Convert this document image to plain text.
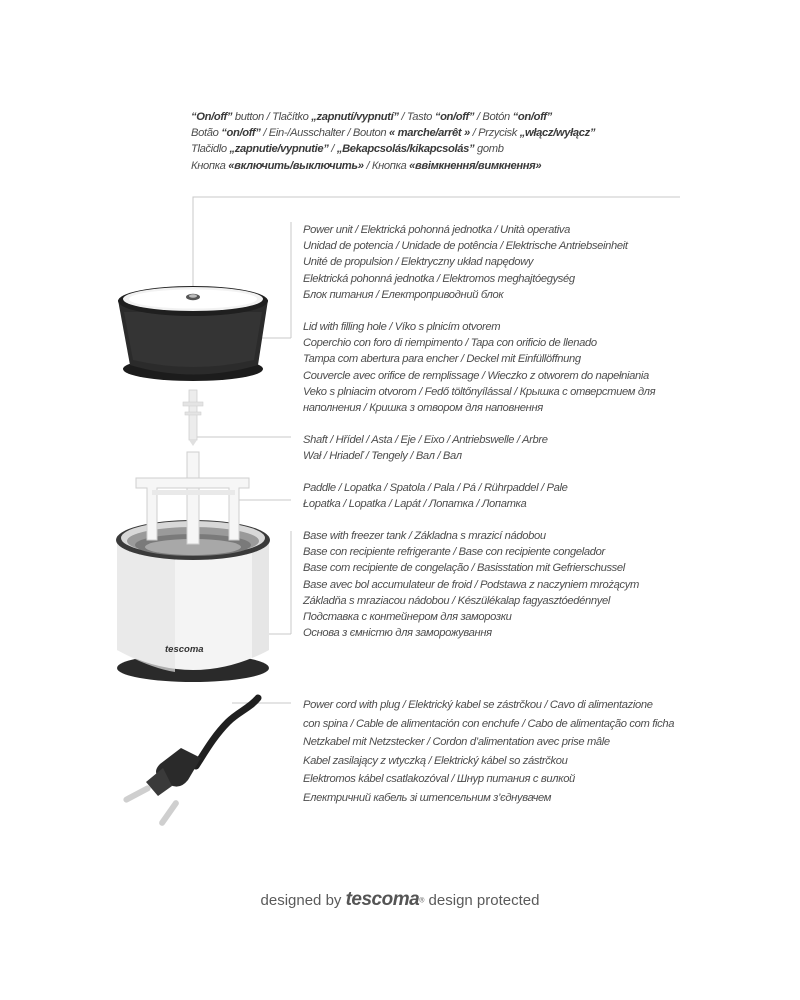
“On/off” button / Tlačítko „zapnutí/vypnutí” / Tasto “on/off” / Botón “on/off”
Botão “on/off” / Ein-/Ausschalter / Bouton « marche/arrêt » / Przycisk „włącz/wyłącz”
Tlačidlo „zapnutie/vypnutie” / „Bekapcsolás/kikapcsolás” gomb
Кнопка «включить/выключить» / Кнопка «ввімкнення/вимкнення»
tescoma
Power unit / Elektrická pohonná jednotka / Unità operativa
Unidad de potencia / Unidade de potência / Elektrische Antriebseinheit
Unité de propulsion / Elektryczny układ napędowy
Elektrická pohonná jednotka / Elektromos meghajtóegység
Блок питания / Електроприводний блок
Lid with filling hole / Víko s plnicím otvorem
Coperchio con foro di riempimento / Tapa con orificio de llenado
Tampa com abertura para encher / Deckel mit Einfüllöffnung
Couvercle avec orifice de remplissage / Wieczko z otworem do napełniania
Veko s plniacim otvorom / Fedő töltőnyílással / Крышка с отверстием для
наполнения / Кришка з отвором для наповнення
Shaft / Hřídel / Asta / Eje / Eixo / Antriebswelle / Arbre
Wał / Hriadeľ / Tengely / Вал / Вал
Paddle / Lopatka / Spatola / Pala / Pá / Rührpaddel / Pale
Łopatka / Lopatka / Lapát / Лопатка / Лопатка
Base with freezer tank / Základna s mrazicí nádobou
Base con recipiente refrigerante / Base con recipiente congelador
Base com recipiente de congelação / Basisstation mit Gefrierschussel
Base avec bol accumulateur de froid / Podstawa z naczyniem mrożącym
Základňa s mraziacou nádobou / Készülékalap fagyasztóedénnyel
Подставка с контейнером для заморозки
Основа з ємністю для заморожування
Power cord with plug / Elektrický kabel se zástrčkou / Cavo di alimentazione
con spina / Cable de alimentación con enchufe / Cabo de alimentação com ficha
Netzkabel mit Netzstecker / Cordon d’alimentation avec prise mâle
Kabel zasilający z wtyczką / Elektrický kábel so zástrčkou
Elektromos kábel csatlakozóval / Шнур питания с вилкой
Електричний кабель зі штепсельним з’єднувачем
designed by tescoma® design protected
